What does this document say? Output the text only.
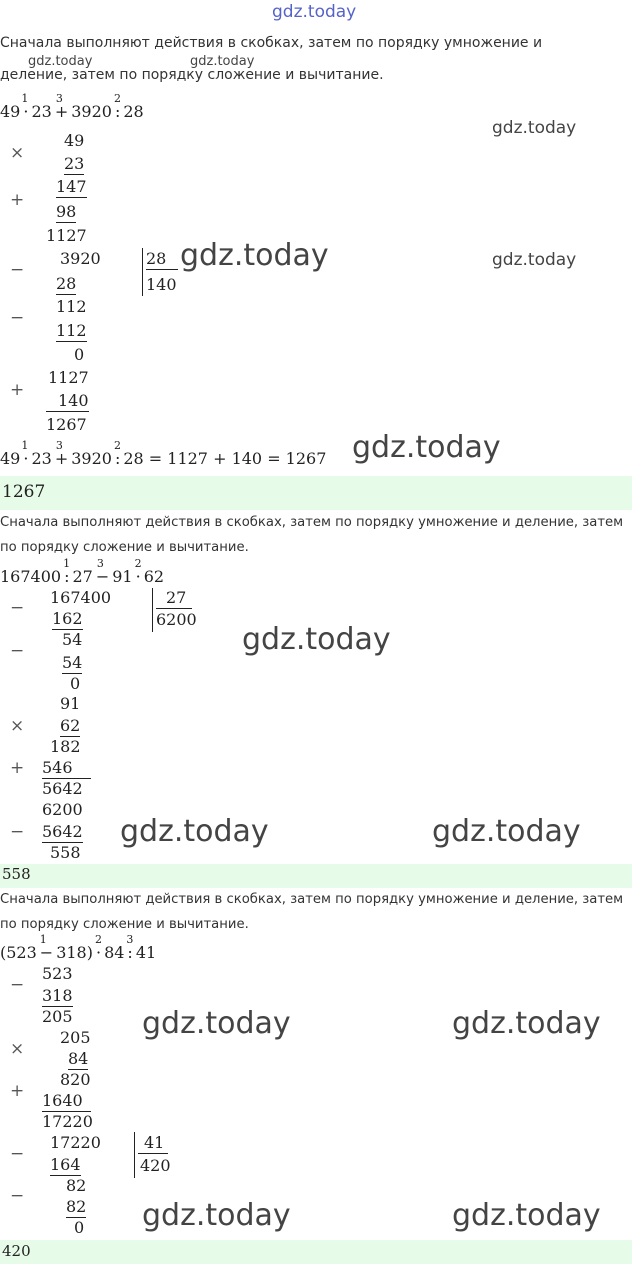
gdz.today
Сначала выполняют действия в скобках, затем по порядку умножение и
gdz.today	gdz.today
деление, затем по порядку сложение и вычитание.
49
1
· 23
3
+ 3920
2
: 28
gdz.today
×
49
23
147
+
98
1127
−
3920
28
28
140
gdz.today	gdz.today
−
112
112
0
+
1127
140
1267
49
1
· 23
3
+ 3920
2
: 28 = 1127 + 140 = 1267 gdz.today
1267
Сначала выполняют действия в скобках, затем по порядку умножение и деление, затем
по порядку сложение и вычитание.
167400
1
: 27
3
− 91
2
· 62
−
167400
162
27
6200
−
54
54
0
gdz.today
91
× 62
182
+ 546
5642
6200
− 5642
558
gdz.today	gdz.today
558
Сначала выполняют действия в скобках, затем по порядку умножение и деление, затем
по порядку сложение и вычитание.
(523
1
− 318)
2
· 84
3
: 41
523
−
318
205
205
×	84
820
+ 1640
17220
gdz.today	gdz.today
17220
−
164
41
420
82
−
82
0 gdz.today	gdz.today
420
